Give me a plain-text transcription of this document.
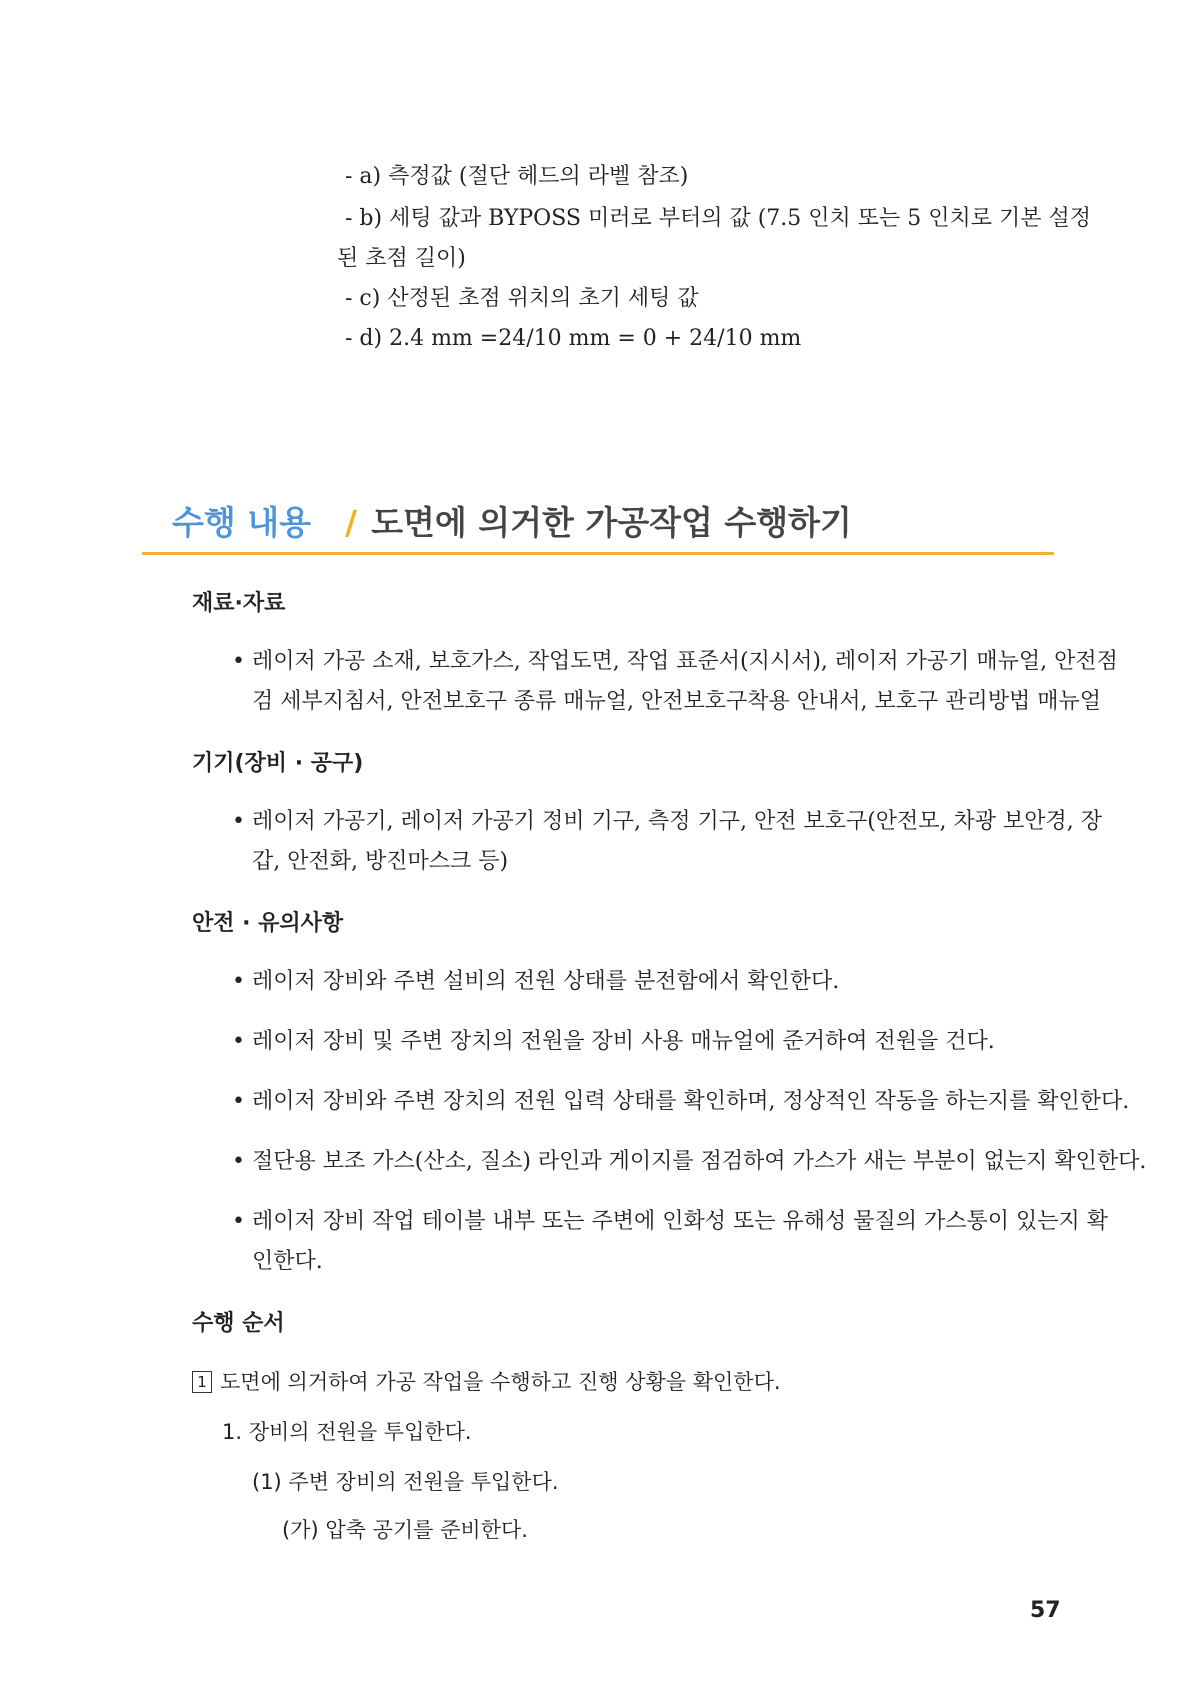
- a) 측정값 (절단 헤드의 라벨 참조)
- b) 세팅 값과 BYPOSS 미러로 부터의 값 (7.5 인치 또는 5 인치로 기본 설정
된 초점 길이)
- c) 산정된 초점 위치의 초기 세팅 값
- d) 2.4 mm =24/10 mm = 0 + 24/10 mm
수행 내용 / 도면에 의거한 가공작업 수행하기
재료·자료
• 레이저 가공 소재, 보호가스, 작업도면, 작업 표준서(지시서), 레이저 가공기 매뉴얼, 안전점
검 세부지침서, 안전보호구 종류 매뉴얼, 안전보호구착용 안내서, 보호구 관리방법 매뉴얼
기기(장비 · 공구)
• 레이저 가공기, 레이저 가공기 정비 기구, 측정 기구, 안전 보호구(안전모, 차광 보안경, 장
갑, 안전화, 방진마스크 등)
안전 · 유의사항
• 레이저 장비와 주변 설비의 전원 상태를 분전함에서 확인한다.
• 레이저 장비 및 주변 장치의 전원을 장비 사용 매뉴얼에 준거하여 전원을 건다.
• 레이저 장비와 주변 장치의 전원 입력 상태를 확인하며, 정상적인 작동을 하는지를 확인한다.
• 절단용 보조 가스(산소, 질소) 라인과 게이지를 점검하여 가스가 새는 부분이 없는지 확인한다.
• 레이저 장비 작업 테이블 내부 또는 주변에 인화성 또는 유해성 물질의 가스통이 있는지 확
인한다.
수행 순서
1 도면에 의거하여 가공 작업을 수행하고 진행 상황을 확인한다.
1. 장비의 전원을 투입한다.
(1) 주변 장비의 전원을 투입한다.
(가) 압축 공기를 준비한다.
57
